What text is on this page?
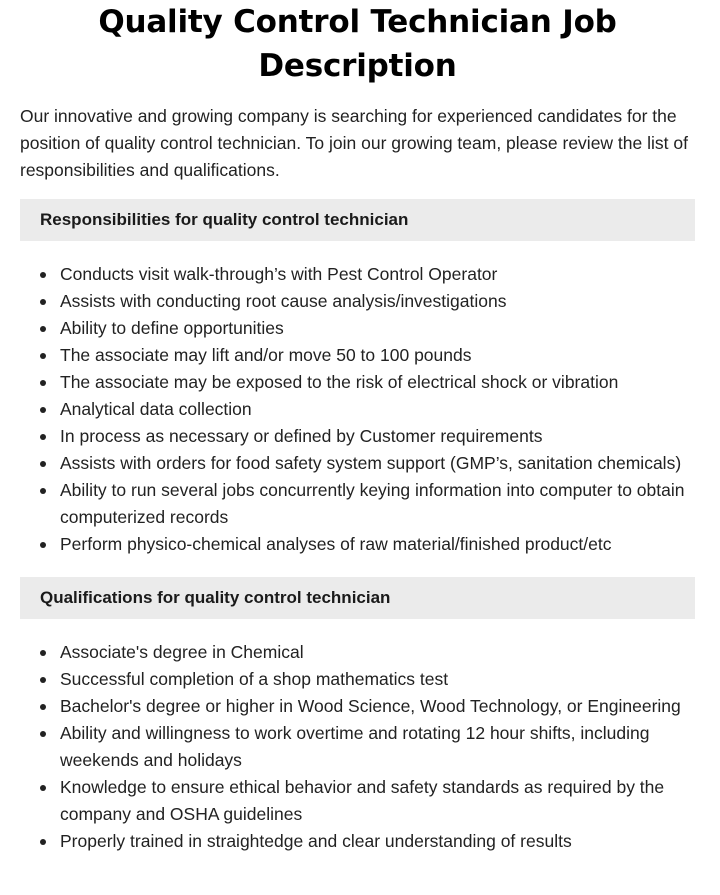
Quality Control Technician Job Description

Our innovative and growing company is searching for experienced candidates for the position of quality control technician. To join our growing team, please review the list of responsibilities and qualifications.

Responsibilities for quality control technician
Conducts visit walk-through’s with Pest Control Operator
Assists with conducting root cause analysis/investigations
Ability to define opportunities
The associate may lift and/or move 50 to 100 pounds
The associate may be exposed to the risk of electrical shock or vibration
Analytical data collection
In process as necessary or defined by Customer requirements
Assists with orders for food safety system support (GMP’s, sanitation chemicals)
Ability to run several jobs concurrently keying information into computer to obtain computerized records
Perform physico-chemical analyses of raw material/finished product/etc
Qualifications for quality control technician
Associate's degree in Chemical
Successful completion of a shop mathematics test
Bachelor's degree or higher in Wood Science, Wood Technology, or Engineering
Ability and willingness to work overtime and rotating 12 hour shifts, including weekends and holidays
Knowledge to ensure ethical behavior and safety standards as required by the company and OSHA guidelines
Properly trained in straightedge and clear understanding of results
